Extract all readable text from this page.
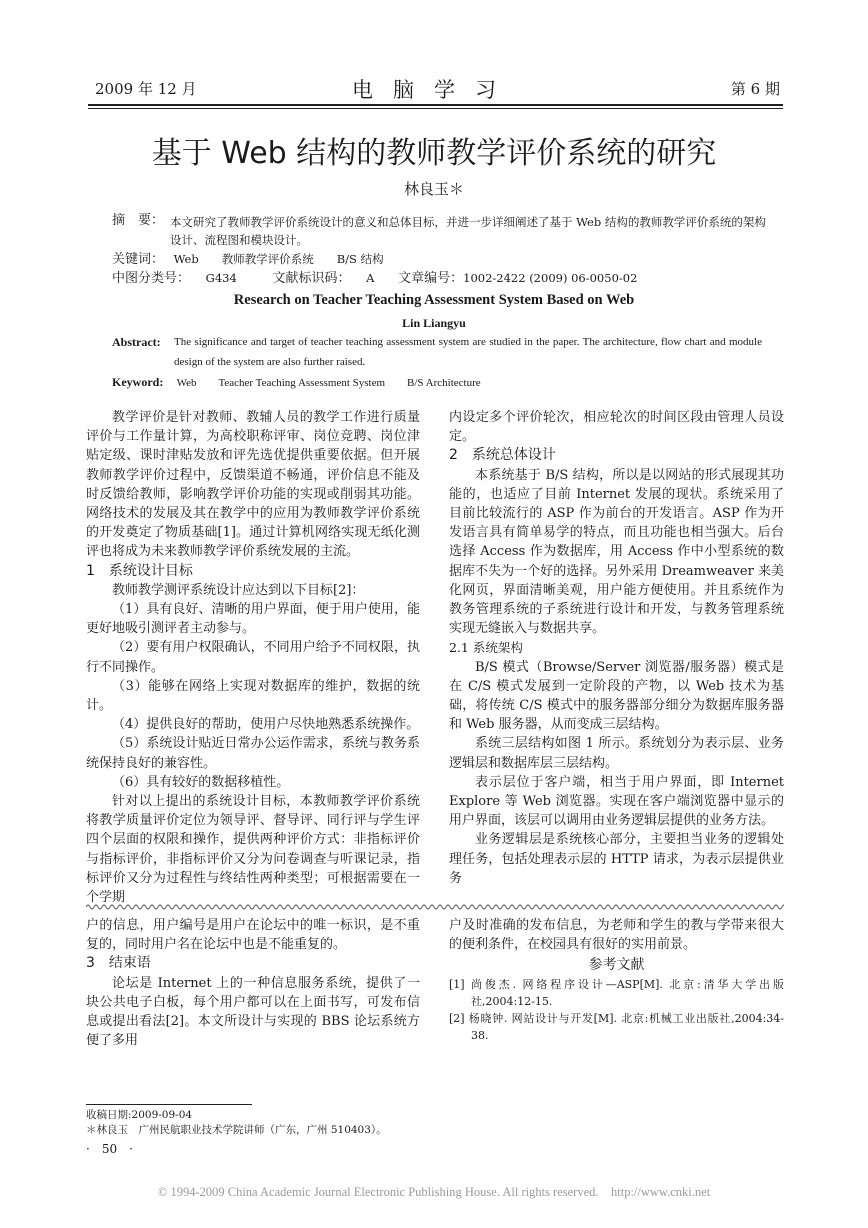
2009 年 12 月	电脑学习	第 6 期
基于 Web 结构的教师教学评价系统的研究
林良玉＊
摘　要： 本文研究了教师教学评价系统设计的意义和总体目标，并进一步详细阐述了基于 Web 结构的教师教学评价系统的架构设计、流程图和模块设计。
关键词： Web　　教师教学评价系统　　B/S 结构
中图分类号： G434	文献标识码： A 文章编号：1002-2422 (2009) 06-0050-02
Research on Teacher Teaching Assessment System Based on Web
Lin Liangyu
Abstract:	The significance and target of teacher teaching assessment system are studied in the paper. The architecture, flow chart and module design of the system are also further raised.
Keyword: Web　　Teacher Teaching Assessment System　　B/S Architecture

教学评价是针对教师、教辅人员的教学工作进行质量评价与工作量计算，为高校职称评审、岗位竞聘、岗位津贴定级、课时津贴发放和评先选优提供重要依据。但开展教师教学评价过程中，反馈渠道不畅通，评价信息不能及时反馈给教师，影响教学评价功能的实现或削弱其功能。网络技术的发展及其在教学中的应用为教师教学评价系统的开发奠定了物质基础[1]。通过计算机网络实现无纸化测评也将成为未来教师教学评价系统发展的主流。

1　系统设计目标

教师教学测评系统设计应达到以下目标[2]：

（1）具有良好、清晰的用户界面，便于用户使用，能更好地吸引测评者主动参与。

（2）要有用户权限确认，不同用户给予不同权限，执行不同操作。

（3）能够在网络上实现对数据库的维护，数据的统计。

（4）提供良好的帮助，使用户尽快地熟悉系统操作。

（5）系统设计贴近日常办公运作需求，系统与教务系统保持良好的兼容性。

（6）具有较好的数据移植性。

针对以上提出的系统设计目标，本教师教学评价系统将教学质量评价定位为领导评、督导评、同行评与学生评四个层面的权限和操作，提供两种评价方式：非指标评价与指标评价，非指标评价又分为问卷调查与听课记录，指标评价又分为过程性与终结性两种类型；可根据需要在一个学期

内设定多个评价轮次，相应轮次的时间区段由管理人员设定。

2　系统总体设计

本系统基于 B/S 结构，所以是以网站的形式展现其功能的，也适应了目前 Internet 发展的现状。系统采用了目前比较流行的 ASP 作为前台的开发语言。ASP 作为开发语言具有简单易学的特点，而且功能也相当强大。后台选择 Access 作为数据库，用 Access 作中小型系统的数据库不失为一个好的选择。另外采用 Dreamweaver 来美化网页，界面清晰美观，用户能方便使用。并且系统作为教务管理系统的子系统进行设计和开发，与教务管理系统实现无缝嵌入与数据共享。

2.1 系统架构

B/S 模式（Browse/Server 浏览器/服务器）模式是在 C/S 模式发展到一定阶段的产物，以 Web 技术为基础，将传统 C/S 模式中的服务器部分细分为数据库服务器和 Web 服务器，从而变成三层结构。

系统三层结构如图 1 所示。系统划分为表示层、业务逻辑层和数据库层三层结构。

表示层位于客户端，相当于用户界面，即 Internet Explore 等 Web 浏览器。实现在客户端浏览器中显示的用户界面，该层可以调用由业务逻辑层提供的业务方法。

业务逻辑层是系统核心部分，主要担当业务的逻辑处理任务，包括处理表示层的 HTTP 请求，为表示层提供业务

户的信息，用户编号是用户在论坛中的唯一标识，是不重复的，同时用户名在论坛中也是不能重复的。

3　结束语

论坛是 Internet 上的一种信息服务系统，提供了一块公共电子白板，每个用户都可以在上面书写，可发布信息或提出看法[2]。本文所设计与实现的 BBS 论坛系统方便了多用

户及时准确的发布信息，为老师和学生的教与学带来很大的便利条件，在校园具有很好的实用前景。

参考文献
[1] 尚俊杰. 网络程序设计—ASP[M]. 北京:清华大学出版社,2004:12-15.
[2] 杨晓钟. 网站设计与开发[M]. 北京:机械工业出版社,2004:34-38.
收稿日期:2009-09-04
＊林良玉　广州民航职业技术学院讲师（广东，广州 510403）。
·　50　·
© 1994-2009 China Academic Journal Electronic Publishing House. All rights reserved.    http://www.cnki.net
